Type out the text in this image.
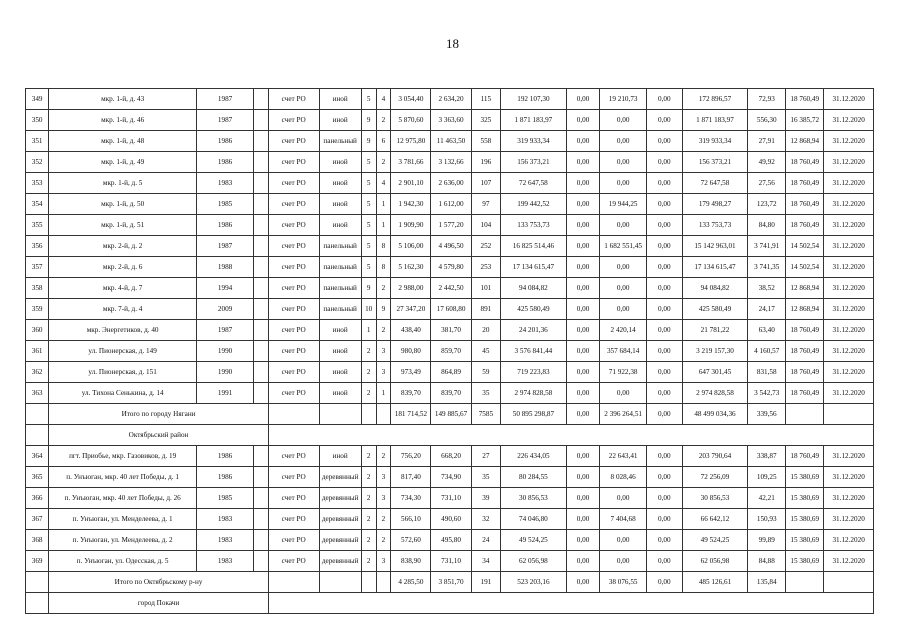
18
349	мкр. 1-й, д. 43	1987		счет РО	иной	5	4	3 054,40	2 634,20	115	192 107,30	0,00	19 210,73	0,00	172 896,57	72,93	18 760,49	31.12.2020
350	мкр. 1-й, д. 46	1987		счет РО	иной	9	2	5 870,60	3 363,60	325	1 871 183,97	0,00	0,00	0,00	1 871 183,97	556,30	16 385,72	31.12.2020
351	мкр. 1-й, д. 48	1986		счет РО	панельный	9	6	12 975,80	11 463,50	558	319 933,34	0,00	0,00	0,00	319 933,34	27,91	12 868,94	31.12.2020
352	мкр. 1-й, д. 49	1986		счет РО	иной	5	2	3 781,66	3 132,66	196	156 373,21	0,00	0,00	0,00	156 373,21	49,92	18 760,49	31.12.2020
353	мкр. 1-й, д. 5	1983		счет РО	иной	5	4	2 901,10	2 636,00	107	72 647,58	0,00	0,00	0,00	72 647,58	27,56	18 760,49	31.12.2020
354	мкр. 1-й, д. 50	1985		счет РО	иной	5	1	1 942,30	1 612,00	97	199 442,52	0,00	19 944,25	0,00	179 498,27	123,72	18 760,49	31.12.2020
355	мкр. 1-й, д. 51	1986		счет РО	иной	5	1	1 909,90	1 577,20	104	133 753,73	0,00	0,00	0,00	133 753,73	84,80	18 760,49	31.12.2020
356	мкр. 2-й, д. 2	1987		счет РО	панельный	5	8	5 106,00	4 496,50	252	16 825 514,46	0,00	1 682 551,45	0,00	15 142 963,01	3 741,91	14 502,54	31.12.2020
357	мкр. 2-й, д. 6	1988		счет РО	панельный	5	8	5 162,30	4 579,80	253	17 134 615,47	0,00	0,00	0,00	17 134 615,47	3 741,35	14 502,54	31.12.2020
358	мкр. 4-й, д. 7	1994		счет РО	панельный	9	2	2 988,00	2 442,50	101	94 084,82	0,00	0,00	0,00	94 084,82	38,52	12 868,94	31.12.2020
359	мкр. 7-й, д. 4	2009		счет РО	панельный	10	9	27 347,20	17 608,80	891	425 580,49	0,00	0,00	0,00	425 580,49	24,17	12 868,94	31.12.2020
360	мкр. Энергетиков, д. 40	1987		счет РО	иной	1	2	438,40	381,70	20	24 201,36	0,00	2 420,14	0,00	21 781,22	63,40	18 760,49	31.12.2020
361	ул. Пионерская, д. 149	1990		счет РО	иной	2	3	980,80	859,70	45	3 576 841,44	0,00	357 684,14	0,00	3 219 157,30	4 160,57	18 760,49	31.12.2020
362	ул. Пионерская, д. 151	1990		счет РО	иной	2	3	973,49	864,89	59	719 223,83	0,00	71 922,38	0,00	647 301,45	831,58	18 760,49	31.12.2020
363	ул. Тихона Сенькина, д. 14	1991		счет РО	иной	2	1	839,70	839,70	35	2 974 828,58	0,00	0,00	0,00	2 974 828,58	3 542,73	18 760,49	31.12.2020
	Итого по городу Нягани							181 714,52	149 885,67	7585	50 895 298,87	0,00	2 396 264,51	0,00	48 499 034,36	339,56		
	Октябрьский район																	
364	пгт. Приобье, мкр. Газовиков, д. 19	1986		счет РО	иной	2	2	756,20	668,20	27	226 434,05	0,00	22 643,41	0,00	203 790,64	338,87	18 760,49	31.12.2020
365	п. Унъюган, мкр. 40 лет Победы, д. 1	1986		счет РО	деревянный	2	3	817,40	734,90	35	80 284,55	0,00	8 028,46	0,00	72 256,09	109,25	15 380,69	31.12.2020
366	п. Унъюган, мкр. 40 лет Победы, д. 26	1985		счет РО	деревянный	2	3	734,30	731,10	39	30 856,53	0,00	0,00	0,00	30 856,53	42,21	15 380,69	31.12.2020
367	п. Унъюган, ул. Менделеева, д. 1	1983		счет РО	деревянный	2	2	566,10	490,60	32	74 046,80	0,00	7 404,68	0,00	66 642,12	150,93	15 380,69	31.12.2020
368	п. Унъюган, ул. Менделеева, д. 2	1983		счет РО	деревянный	2	2	572,60	495,80	24	49 524,25	0,00	0,00	0,00	49 524,25	99,89	15 380,69	31.12.2020
369	п. Унъюган, ул. Одесская, д. 5	1983		счет РО	деревянный	2	3	838,90	731,10	34	62 056,98	0,00	0,00	0,00	62 056,98	84,88	15 380,69	31.12.2020
	Итого по Октябрьскому р-ну							4 285,50	3 851,70	191	523 203,16	0,00	38 076,55	0,00	485 126,61	135,84		
	город Покачи																	
